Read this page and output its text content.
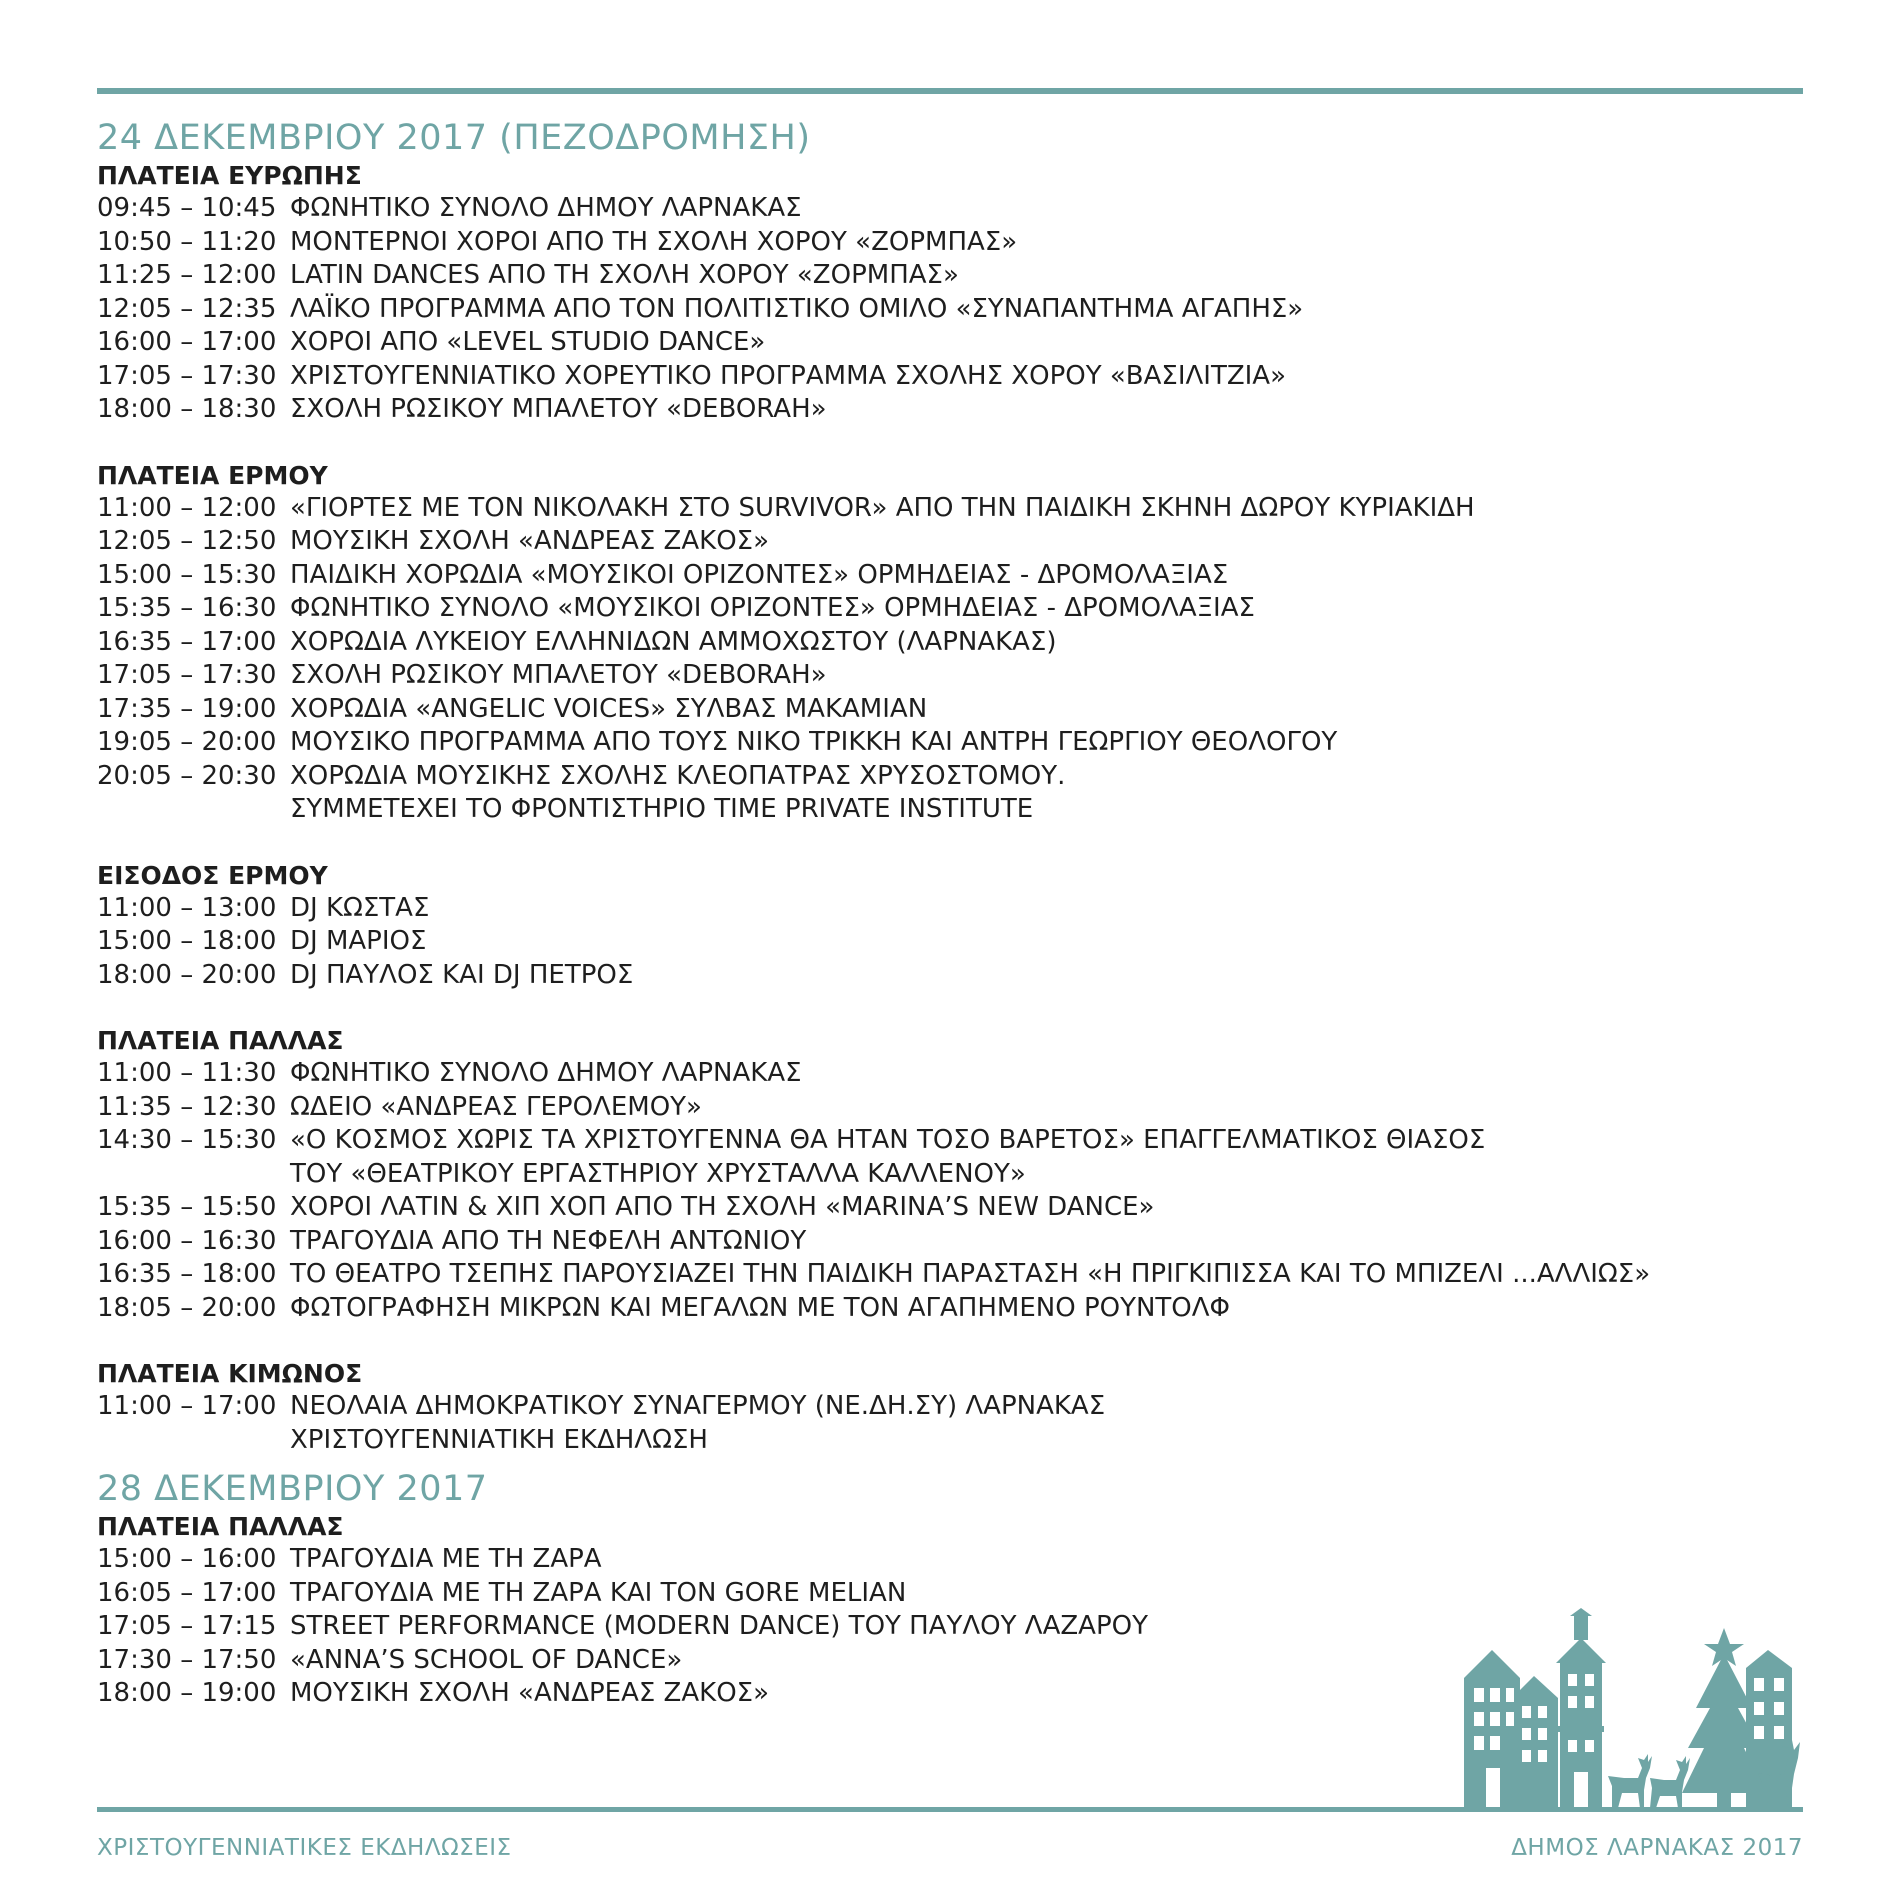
24 ΔΕΚΕΜΒΡΙΟΥ 2017 (ΠΕΖΟΔΡΟΜΗΣΗ)
ΠΛΑΤΕΙΑ ΕΥΡΩΠΗΣ
09:45 – 10:45 ΦΩΝΗΤΙΚΟ ΣΥΝΟΛΟ ΔΗΜΟΥ ΛΑΡΝΑΚΑΣ
10:50 – 11:20 ΜΟΝΤΕΡΝΟΙ ΧΟΡΟΙ ΑΠΟ ΤΗ ΣΧΟΛΗ ΧΟΡΟΥ «ΖΟΡΜΠΑΣ»
11:25 – 12:00 LATIN DANCES ΑΠΟ ΤΗ ΣΧΟΛΗ ΧΟΡΟΥ «ΖΟΡΜΠΑΣ»
12:05 – 12:35 ΛΑΪΚΟ ΠΡΟΓΡΑΜΜΑ ΑΠΟ ΤΟΝ ΠΟΛΙΤΙΣΤΙΚΟ ΟΜΙΛΟ «ΣΥΝΑΠΑΝΤΗΜΑ ΑΓΑΠΗΣ»
16:00 – 17:00 ΧΟΡΟΙ ΑΠΟ «LEVEL STUDIO DANCE»
17:05 – 17:30 ΧΡΙΣΤΟΥΓΕΝΝΙΑΤΙΚΟ ΧΟΡΕΥΤΙΚΟ ΠΡΟΓΡΑΜΜΑ ΣΧΟΛΗΣ ΧΟΡΟΥ «ΒΑΣΙΛΙΤΖΙΑ»
18:00 – 18:30 ΣΧΟΛΗ ΡΩΣΙΚΟΥ ΜΠΑΛΕΤΟΥ «DEBORAH»
ΠΛΑΤΕΙΑ ΕΡΜΟΥ
11:00 – 12:00 «ΓΙΟΡΤΕΣ ΜΕ ΤΟΝ ΝΙΚΟΛΑΚΗ ΣΤΟ SURVIVOR» ΑΠΟ ΤΗΝ ΠΑΙΔΙΚΗ ΣΚΗΝΗ ΔΩΡΟΥ ΚΥΡΙΑΚΙΔΗ
12:05 – 12:50 ΜΟΥΣΙΚΗ ΣΧΟΛΗ «ΑΝΔΡΕΑΣ ΖΑΚΟΣ»
15:00 – 15:30 ΠΑΙΔΙΚΗ ΧΟΡΩΔΙΑ «ΜΟΥΣΙΚΟΙ ΟΡΙΖΟΝΤΕΣ» ΟΡΜΗΔΕΙΑΣ - ΔΡΟΜΟΛΑΞΙΑΣ
15:35 – 16:30 ΦΩΝΗΤΙΚΟ ΣΥΝΟΛΟ «ΜΟΥΣΙΚΟΙ ΟΡΙΖΟΝΤΕΣ» ΟΡΜΗΔΕΙΑΣ - ΔΡΟΜΟΛΑΞΙΑΣ
16:35 – 17:00 ΧΟΡΩΔΙΑ ΛΥΚΕΙΟΥ ΕΛΛΗΝΙΔΩΝ ΑΜΜΟΧΩΣΤΟΥ (ΛΑΡΝΑΚΑΣ)
17:05 – 17:30 ΣΧΟΛΗ ΡΩΣΙΚΟΥ ΜΠΑΛΕΤΟΥ «DEBORAH»
17:35 – 19:00 ΧΟΡΩΔΙΑ «ANGELIC VOICES» ΣΥΛΒΑΣ ΜΑΚΑΜΙΑΝ
19:05 – 20:00 ΜΟΥΣΙΚΟ ΠΡΟΓΡΑΜΜΑ ΑΠΟ ΤΟΥΣ ΝΙΚΟ ΤΡΙΚΚΗ ΚΑΙ ΑΝΤΡΗ ΓΕΩΡΓΙΟΥ ΘΕΟΛΟΓΟΥ
20:05 – 20:30 ΧΟΡΩΔΙΑ ΜΟΥΣΙΚΗΣ ΣΧΟΛΗΣ ΚΛΕΟΠΑΤΡΑΣ ΧΡΥΣΟΣΤΟΜΟΥ.
ΣΥΜΜΕΤΕΧΕΙ ΤΟ ΦΡΟΝΤΙΣΤΗΡΙΟ TIME PRIVATE INSTITUTE
ΕΙΣΟΔΟΣ ΕΡΜΟΥ
11:00 – 13:00 DJ ΚΩΣΤΑΣ
15:00 – 18:00 DJ ΜΑΡΙΟΣ
18:00 – 20:00 DJ ΠΑΥΛΟΣ ΚΑΙ DJ ΠΕΤΡΟΣ
ΠΛΑΤΕΙΑ ΠΑΛΛΑΣ
11:00 – 11:30 ΦΩΝΗΤΙΚΟ ΣΥΝΟΛΟ ΔΗΜΟΥ ΛΑΡΝΑΚΑΣ
11:35 – 12:30 ΩΔΕΙΟ «ΑΝΔΡΕΑΣ ΓΕΡΟΛΕΜΟΥ»
14:30 – 15:30 «Ο ΚΟΣΜΟΣ ΧΩΡΙΣ ΤΑ ΧΡΙΣΤΟΥΓΕΝΝΑ ΘΑ ΗΤΑΝ ΤΟΣΟ ΒΑΡΕΤΟΣ» ΕΠΑΓΓΕΛΜΑΤΙΚΟΣ ΘΙΑΣΟΣ
ΤΟΥ «ΘΕΑΤΡΙΚΟΥ ΕΡΓΑΣΤΗΡΙΟΥ ΧΡΥΣΤΑΛΛΑ ΚΑΛΛΕΝΟΥ»
15:35 – 15:50 ΧΟΡΟΙ ΛΑΤΙΝ & ΧΙΠ ΧΟΠ ΑΠΟ ΤΗ ΣΧΟΛΗ «MARINA’S NEW DANCE»
16:00 – 16:30 ΤΡΑΓΟΥΔΙΑ ΑΠΟ ΤΗ ΝΕΦΕΛΗ ΑΝΤΩΝΙΟΥ
16:35 – 18:00 ΤΟ ΘΕΑΤΡΟ ΤΣΕΠΗΣ ΠΑΡΟΥΣΙΑΖΕΙ ΤΗΝ ΠΑΙΔΙΚΗ ΠΑΡΑΣΤΑΣΗ «Η ΠΡΙΓΚΙΠΙΣΣΑ ΚΑΙ ΤΟ ΜΠΙΖΕΛΙ ...ΑΛΛΙΩΣ»
18:05 – 20:00 ΦΩΤΟΓΡΑΦΗΣΗ ΜΙΚΡΩΝ ΚΑΙ ΜΕΓΑΛΩΝ ΜΕ ΤΟΝ ΑΓΑΠΗΜΕΝΟ ΡΟΥΝΤΟΛΦ
ΠΛΑΤΕΙΑ ΚΙΜΩΝΟΣ
11:00 – 17:00 ΝΕΟΛΑΙΑ ΔΗΜΟΚΡΑΤΙΚΟΥ ΣΥΝΑΓΕΡΜΟΥ (ΝΕ.ΔΗ.ΣΥ) ΛΑΡΝΑΚΑΣ
ΧΡΙΣΤΟΥΓΕΝΝΙΑΤΙΚΗ ΕΚΔΗΛΩΣΗ
28 ΔΕΚΕΜΒΡΙΟΥ 2017
ΠΛΑΤΕΙΑ ΠΑΛΛΑΣ
15:00 – 16:00 ΤΡΑΓΟΥΔΙΑ ΜΕ ΤΗ ΖΑΡΑ
16:05 – 17:00 ΤΡΑΓΟΥΔΙΑ ΜΕ ΤΗ ΖΑΡΑ ΚΑΙ ΤΟΝ GORE MELIAN
17:05 – 17:15 STREET PERFORMANCE (MODERN DANCE) ΤΟΥ ΠΑΥΛΟΥ ΛΑΖΑΡΟΥ
17:30 – 17:50 «ANNA’S SCHOOL OF DANCE»
18:00 – 19:00 ΜΟΥΣΙΚΗ ΣΧΟΛΗ «ΑΝΔΡΕΑΣ ΖΑΚΟΣ»
ΧΡΙΣΤΟΥΓΕΝΝΙΑΤΙΚΕΣ ΕΚΔΗΛΩΣΕΙΣ	ΔΗΜΟΣ ΛΑΡΝΑΚΑΣ 2017
